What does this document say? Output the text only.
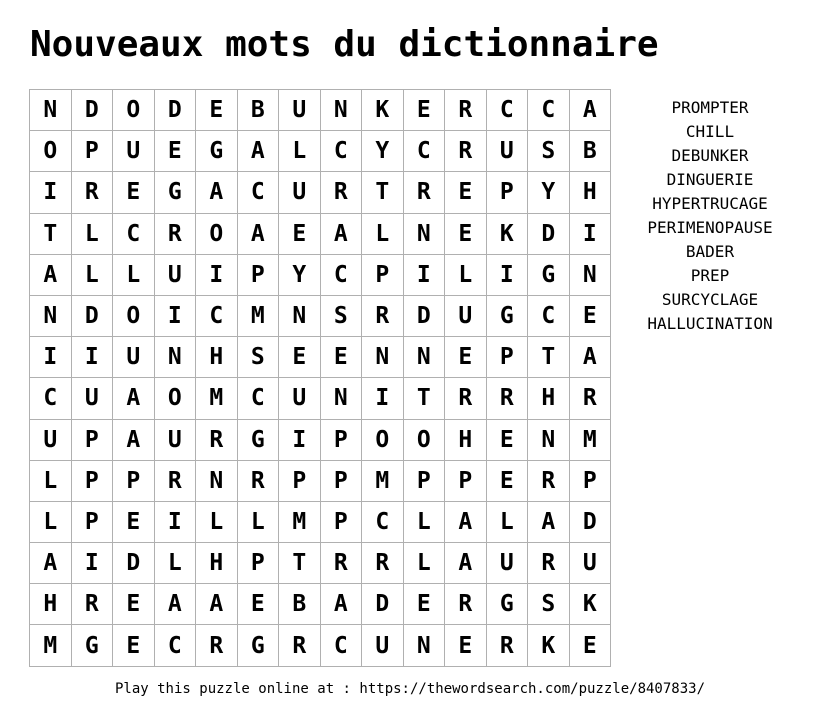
Nouveaux mots du dictionnaire
N	D	O	D	E	B	U	N	K	E	R	C	C	A
O	P	U	E	G	A	L	C	Y	C	R	U	S	B
I	R	E	G	A	C	U	R	T	R	E	P	Y	H
T	L	C	R	O	A	E	A	L	N	E	K	D	I
A	L	L	U	I	P	Y	C	P	I	L	I	G	N
N	D	O	I	C	M	N	S	R	D	U	G	C	E
I	I	U	N	H	S	E	E	N	N	E	P	T	A
C	U	A	O	M	C	U	N	I	T	R	R	H	R
U	P	A	U	R	G	I	P	O	O	H	E	N	M
L	P	P	R	N	R	P	P	M	P	P	E	R	P
L	P	E	I	L	L	M	P	C	L	A	L	A	D
A	I	D	L	H	P	T	R	R	L	A	U	R	U
H	R	E	A	A	E	B	A	D	E	R	G	S	K
M	G	E	C	R	G	R	C	U	N	E	R	K	E
PROMPTER
CHILL
DEBUNKER
DINGUERIE
HYPERTRUCAGE
PERIMENOPAUSE
BADER
PREP
SURCYCLAGE
HALLUCINATION
Play this puzzle online at : https://thewordsearch.com/puzzle/8407833/
